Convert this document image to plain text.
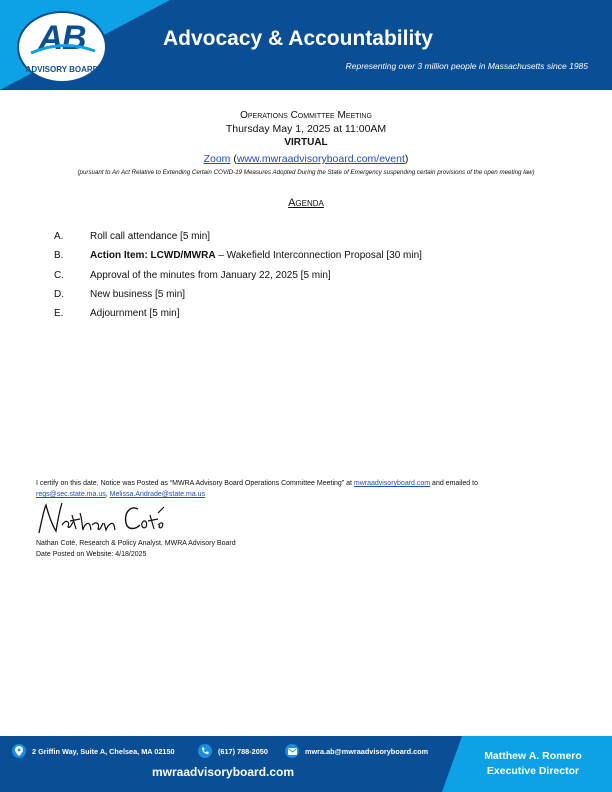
AB
ADVISORY BOARD
Advocacy & Accountability
Representing over 3 million people in Massachusetts since 1985
Operations Committee Meeting
Thursday May 1, 2025 at 11:00AM
VIRTUAL
Zoom (www.mwraadvisoryboard.com/event)
(pursuant to An Act Relative to Extending Certain COVID-19 Measures Adopted During the State of Emergency suspending certain provisions of the open meeting law)
Agenda
A.	Roll call attendance [5 min]
B.	Action Item: LCWD/MWRA – Wakefield Interconnection Proposal [30 min]
C.	Approval of the minutes from January 22, 2025 [5 min]
D.	New business [5 min]
E.	Adjournment [5 min]
I certify on this date, Notice was Posted as “MWRA Advisory Board Operations Committee Meeting” at mwraadvisoryboard.com and emailed to
regs@sec.state.ma.us, Melissa.Andrade@state.ma.us
Nathan Coté, Research & Policy Analyst, MWRA Advisory Board
Date Posted on Website: 4/18/2025
2 Griffin Way, Suite A, Chelsea, MA 02150	(617) 788-2050	mwra.ab@mwraadvisoryboard.com
mwraadvisoryboard.com
Matthew A. Romero
Executive Director
